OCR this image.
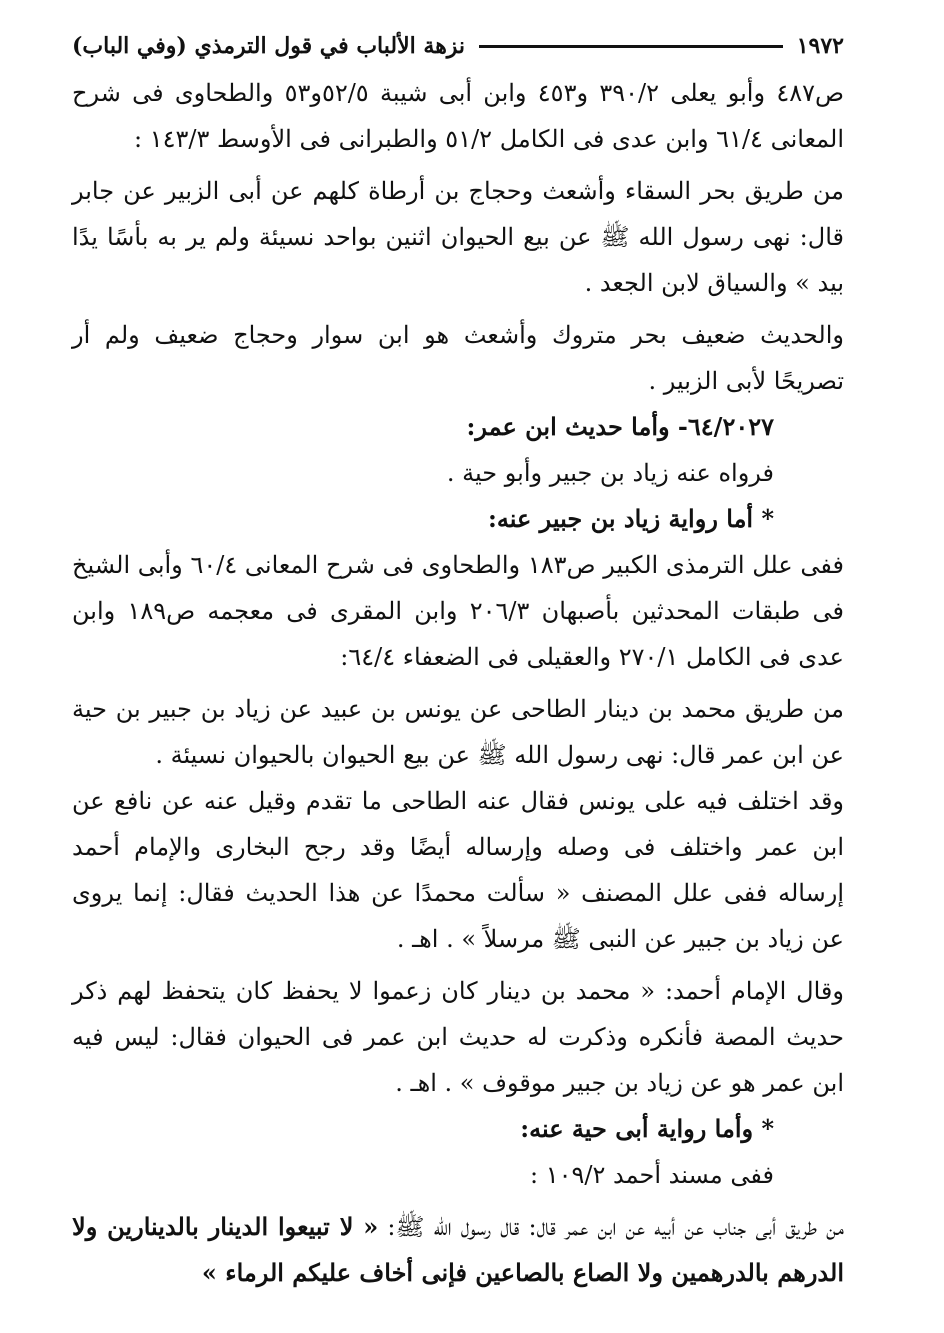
١٩٧٢
نزهة الألباب في قول الترمذي (وفي الباب)

ص٤٨٧ وأبو يعلى ٣٩٠/٢ و٤٥٣ وابن أبى شيبة ٥٢/٥و٥٣ والطحاوى فى شرح المعانى ٦١/٤ وابن عدى فى الكامل ٥١/٢ والطبرانى فى الأوسط ١٤٣/٣ :

من طريق بحر السقاء وأشعث وحجاج بن أرطاة كلهم عن أبى الزبير عن جابر قال: نهى رسول الله ﷺ عن بيع الحيوان اثنين بواحد نسيئة ولم ير به بأسًا يدًا بيد » والسياق لابن الجعد .

والحديث ضعيف بحر متروك وأشعث هو ابن سوار وحجاج ضعيف ولم أر تصريحًا لأبى الزبير .

٦٤/٢٠٢٧- وأما حديث ابن عمر:

فرواه عنه زياد بن جبير وأبو حية .

* أما رواية زياد بن جبير عنه:

ففى علل الترمذى الكبير ص١٨٣ والطحاوى فى شرح المعانى ٦٠/٤ وأبى الشيخ فى طبقات المحدثين بأصبهان ٢٠٦/٣ وابن المقرى فى معجمه ص١٨٩ وابن عدى فى الكامل ٢٧٠/١ والعقيلى فى الضعفاء ٦٤/٤:

من طريق محمد بن دينار الطاحى عن يونس بن عبيد عن زياد بن جبير بن حية عن ابن عمر قال: نهى رسول الله ﷺ عن بيع الحيوان بالحيوان نسيئة .

وقد اختلف فيه على يونس فقال عنه الطاحى ما تقدم وقيل عنه عن نافع عن ابن عمر واختلف فى وصله وإرساله أيضًا وقد رجح البخارى والإمام أحمد إرساله ففى علل المصنف « سألت محمدًا عن هذا الحديث فقال: إنما يروى عن زياد بن جبير عن النبى ﷺ مرسلاً » . اهـ .

وقال الإمام أحمد: « محمد بن دينار كان زعموا لا يحفظ كان يتحفظ لهم ذكر حديث المصة فأنكره وذكرت له حديث ابن عمر فى الحيوان فقال: ليس فيه ابن عمر هو عن زياد بن جبير موقوف » . اهـ .

* وأما رواية أبى حية عنه:

ففى مسند أحمد ١٠٩/٢ :

من طريق أبى جناب عن أبيه عن ابن عمر قال: قال رسول الله ﷺ: « لا تبيعوا الدينار بالدينارين ولا الدرهم بالدرهمين ولا الصاع بالصاعين فإنى أخاف عليكم الرماء »
